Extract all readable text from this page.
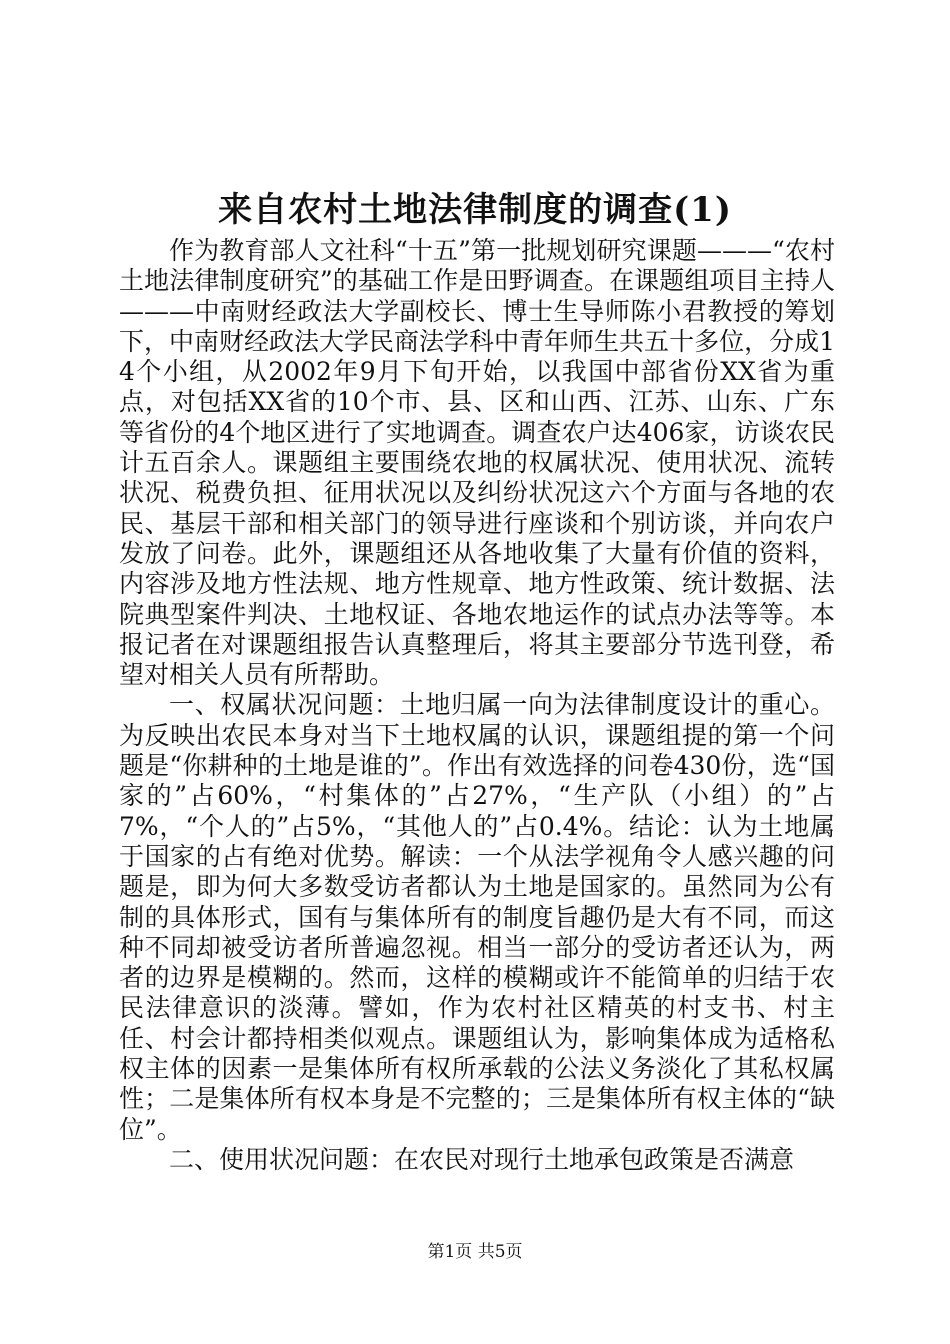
来自农村土地法律制度的调查(1)

作为教育部人文社科“十五”第一批规划研究课题———“农村土地法律制度研究”的基础工作是田野调查。在课题组项目主持人———中南财经政法大学副校长、博士生导师陈小君教授的筹划下，中南财经政法大学民商法学科中青年师生共五十多位，分成14个小组，从2002年9月下旬开始，以我国中部省份XX省为重点，对包括XX省的10个市、县、区和山西、江苏、山东、广东等省份的4个地区进行了实地调查。调查农户达406家，访谈农民计五百余人。课题组主要围绕农地的权属状况、使用状况、流转状况、税费负担、征用状况以及纠纷状况这六个方面与各地的农民、基层干部和相关部门的领导进行座谈和个别访谈，并向农户发放了问卷。此外，课题组还从各地收集了大量有价值的资料，内容涉及地方性法规、地方性规章、地方性政策、统计数据、法院典型案件判决、土地权证、各地农地运作的试点办法等等。本报记者在对课题组报告认真整理后，将其主要部分节选刊登，希望对相关人员有所帮助。

一、权属状况问题：土地归属一向为法律制度设计的重心。为反映出农民本身对当下土地权属的认识，课题组提的第一个问题是“你耕种的土地是谁的”。作出有效选择的问卷430份，选“国家的”占60%，“村集体的”占27%，“生产队（小组）的”占7%，“个人的”占5%，“其他人的”占0.4%。结论：认为土地属于国家的占有绝对优势。解读：一个从法学视角令人感兴趣的问题是，即为何大多数受访者都认为土地是国家的。虽然同为公有制的具体形式，国有与集体所有的制度旨趣仍是大有不同，而这种不同却被受访者所普遍忽视。相当一部分的受访者还认为，两者的边界是模糊的。然而，这样的模糊或许不能简单的归结于农民法律意识的淡薄。譬如，作为农村社区精英的村支书、村主任、村会计都持相类似观点。课题组认为，影响集体成为适格私权主体的因素一是集体所有权所承载的公法义务淡化了其私权属性；二是集体所有权本身是不完整的；三是集体所有权主体的“缺位”。

二、使用状况问题：在农民对现行土地承包政策是否满意

第1页 共5页
